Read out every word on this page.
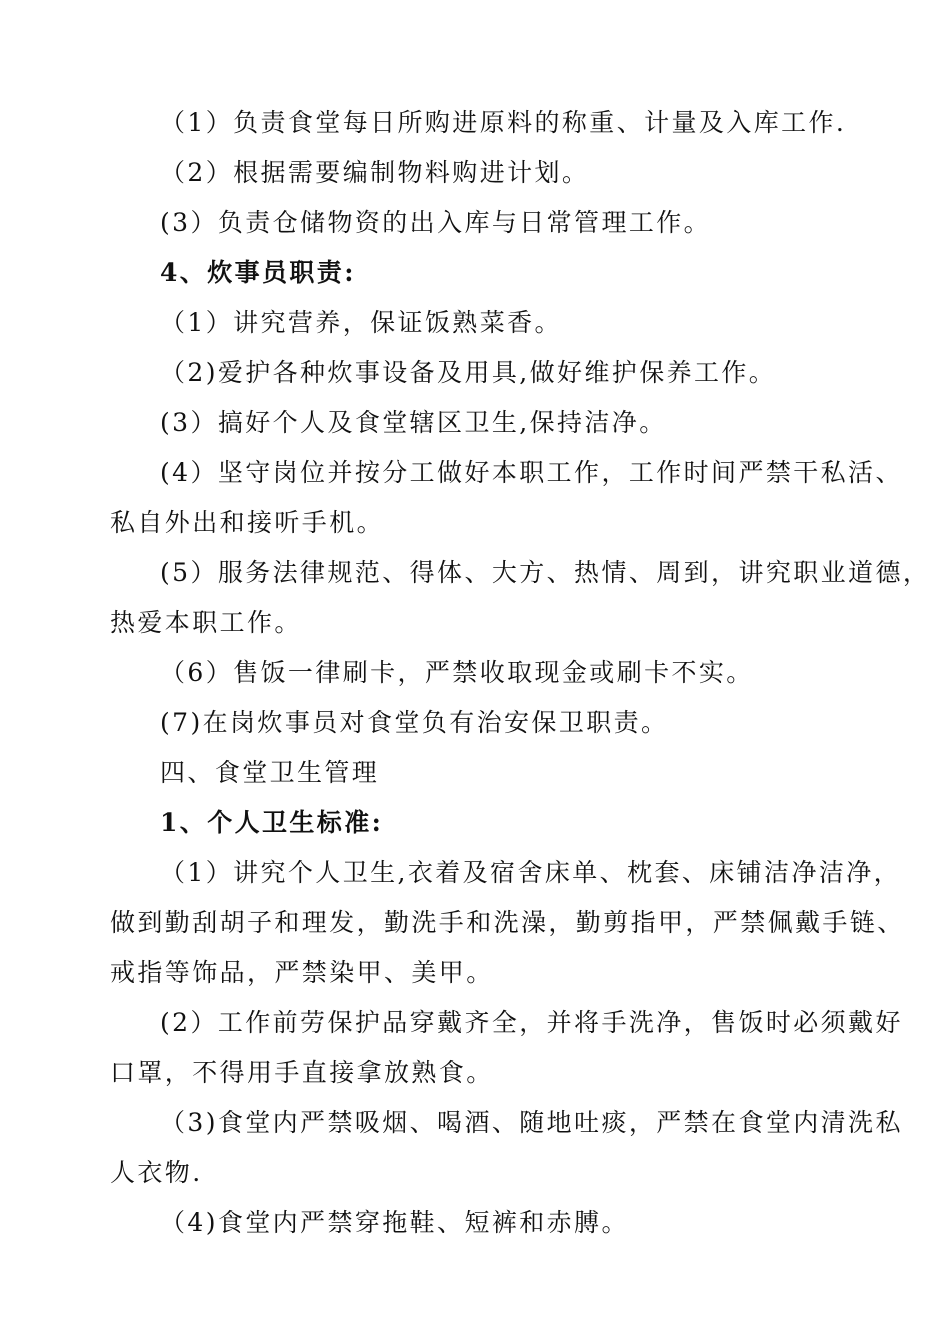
（1）负责食堂每日所购进原料的称重、计量及入库工作.
（2）根据需要编制物料购进计划。
(3）负责仓储物资的出入库与日常管理工作。
4、炊事员职责:
（1）讲究营养，保证饭熟菜香。
（2)爱护各种炊事设备及用具,做好维护保养工作。
(3）搞好个人及食堂辖区卫生,保持洁净。
(4）坚守岗位并按分工做好本职工作，工作时间严禁干私活、
私自外出和接听手机。
(5）服务法律规范、得体、大方、热情、周到，讲究职业道德，
热爱本职工作。
（6）售饭一律刷卡，严禁收取现金或刷卡不实。
(7)在岗炊事员对食堂负有治安保卫职责。
四、食堂卫生管理
1、个人卫生标准:
（1）讲究个人卫生,衣着及宿舍床单、枕套、床铺洁净洁净，
做到勤刮胡子和理发，勤洗手和洗澡，勤剪指甲，严禁佩戴手链、
戒指等饰品，严禁染甲、美甲。
(2）工作前劳保护品穿戴齐全，并将手洗净，售饭时必须戴好
口罩，不得用手直接拿放熟食。
（3)食堂内严禁吸烟、喝酒、随地吐痰，严禁在食堂内清洗私
人衣物.
（4)食堂内严禁穿拖鞋、短裤和赤膊。
